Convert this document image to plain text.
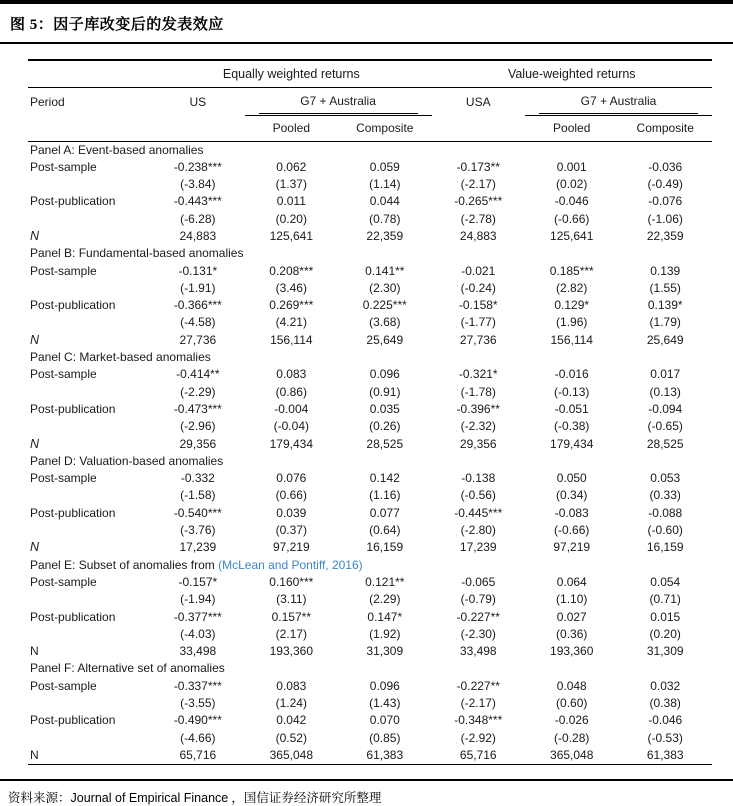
图 5：因子库改变后的发表效应
	Equally weighted returns			Value-weighted returns		
Period	US	G7 + Australia		USA	G7 + Australia	

		Pooled	Composite		Pooled	Composite
Panel A: Event-based anomalies						
Post-sample	-0.238***	0.062	0.059	-0.173**	0.001	-0.036
	(-3.84)	(1.37)	(1.14)	(-2.17)	(0.02)	(-0.49)
Post-publication	-0.443***	0.011	0.044	-0.265***	-0.046	-0.076
	(-6.28)	(0.20)	(0.78)	(-2.78)	(-0.66)	(-1.06)
N	24,883	125,641	22,359	24,883	125,641	22,359
Panel B: Fundamental-based anomalies						
Post-sample	-0.131*	0.208***	0.141**	-0.021	0.185***	0.139
	(-1.91)	(3.46)	(2.30)	(-0.24)	(2.82)	(1.55)
Post-publication	-0.366***	0.269***	0.225***	-0.158*	0.129*	0.139*
	(-4.58)	(4.21)	(3.68)	(-1.77)	(1.96)	(1.79)
N	27,736	156,114	25,649	27,736	156,114	25,649
Panel C: Market-based anomalies						
Post-sample	-0.414**	0.083	0.096	-0.321*	-0.016	0.017
	(-2.29)	(0.86)	(0.91)	(-1.78)	(-0.13)	(0.13)
Post-publication	-0.473***	-0.004	0.035	-0.396**	-0.051	-0.094
	(-2.96)	(-0.04)	(0.26)	(-2.32)	(-0.38)	(-0.65)
N	29,356	179,434	28,525	29,356	179,434	28,525
Panel D: Valuation-based anomalies						
Post-sample	-0.332	0.076	0.142	-0.138	0.050	0.053
	(-1.58)	(0.66)	(1.16)	(-0.56)	(0.34)	(0.33)
Post-publication	-0.540***	0.039	0.077	-0.445***	-0.083	-0.088
	(-3.76)	(0.37)	(0.64)	(-2.80)	(-0.66)	(-0.60)
N	17,239	97,219	16,159	17,239	97,219	16,159
Panel E: Subset of anomalies from (McLean and Pontiff, 2016)						
Post-sample	-0.157*	0.160***	0.121**	-0.065	0.064	0.054
	(-1.94)	(3.11)	(2.29)	(-0.79)	(1.10)	(0.71)
Post-publication	-0.377***	0.157**	0.147*	-0.227**	0.027	0.015
	(-4.03)	(2.17)	(1.92)	(-2.30)	(0.36)	(0.20)
N	33,498	193,360	31,309	33,498	193,360	31,309
Panel F: Alternative set of anomalies						
Post-sample	-0.337***	0.083	0.096	-0.227**	0.048	0.032
	(-3.55)	(1.24)	(1.43)	(-2.17)	(0.60)	(0.38)
Post-publication	-0.490***	0.042	0.070	-0.348***	-0.026	-0.046
	(-4.66)	(0.52)	(0.85)	(-2.92)	(-0.28)	(-0.53)
N	65,716	365,048	61,383	65,716	365,048	61,383
资料来源：Journal of Empirical Finance ，国信证券经济研究所整理
